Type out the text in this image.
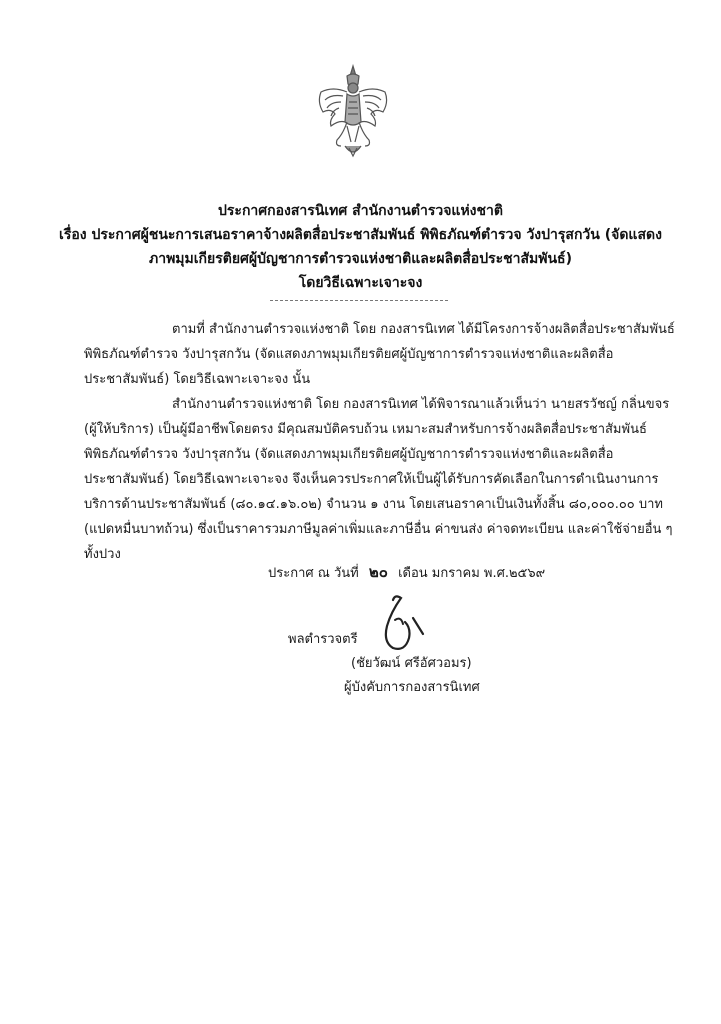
ประกาศกองสารนิเทศ สำนักงานตำรวจแห่งชาติ
เรื่อง ประกาศผู้ชนะการเสนอราคาจ้างผลิตสื่อประชาสัมพันธ์ พิพิธภัณฑ์ตำรวจ วังปารุสกวัน (จัดแสดง
ภาพมุมเกียรติยศผู้บัญชาการตำรวจแห่งชาติและผลิตสื่อประชาสัมพันธ์)
โดยวิธีเฉพาะเจาะจง
ตามที่ สำนักงานตำรวจแห่งชาติ โดย กองสารนิเทศ ได้มีโครงการจ้างผลิตสื่อประชาสัมพันธ์
พิพิธภัณฑ์ตำรวจ วังปารุสกวัน (จัดแสดงภาพมุมเกียรติยศผู้บัญชาการตำรวจแห่งชาติและผลิตสื่อ
ประชาสัมพันธ์) โดยวิธีเฉพาะเจาะจง นั้น
สำนักงานตำรวจแห่งชาติ โดย กองสารนิเทศ ได้พิจารณาแล้วเห็นว่า นายสรวัชญ์ กลิ่นขจร
(ผู้ให้บริการ) เป็นผู้มีอาชีพโดยตรง มีคุณสมบัติครบถ้วน เหมาะสมสำหรับการจ้างผลิตสื่อประชาสัมพันธ์
พิพิธภัณฑ์ตำรวจ วังปารุสกวัน (จัดแสดงภาพมุมเกียรติยศผู้บัญชาการตำรวจแห่งชาติและผลิตสื่อ
ประชาสัมพันธ์) โดยวิธีเฉพาะเจาะจง จึงเห็นควรประกาศให้เป็นผู้ได้รับการคัดเลือกในการดำเนินงานการ
บริการด้านประชาสัมพันธ์ (๘๐.๑๔.๑๖.๐๒) จำนวน ๑ งาน โดยเสนอราคาเป็นเงินทั้งสิ้น ๘๐,๐๐๐.๐๐ บาท
(แปดหมื่นบาทถ้วน) ซึ่งเป็นราคารวมภาษีมูลค่าเพิ่มและภาษีอื่น ค่าขนส่ง ค่าจดทะเบียน และค่าใช้จ่ายอื่น ๆ
ทั้งปวง
ประกาศ ณ วันที่ ๒๐ เดือน มกราคม พ.ศ.๒๕๖๙
พลตำรวจตรี
(ชัยวัฒน์ ศรีอัศวอมร)
ผู้บังคับการกองสารนิเทศ
